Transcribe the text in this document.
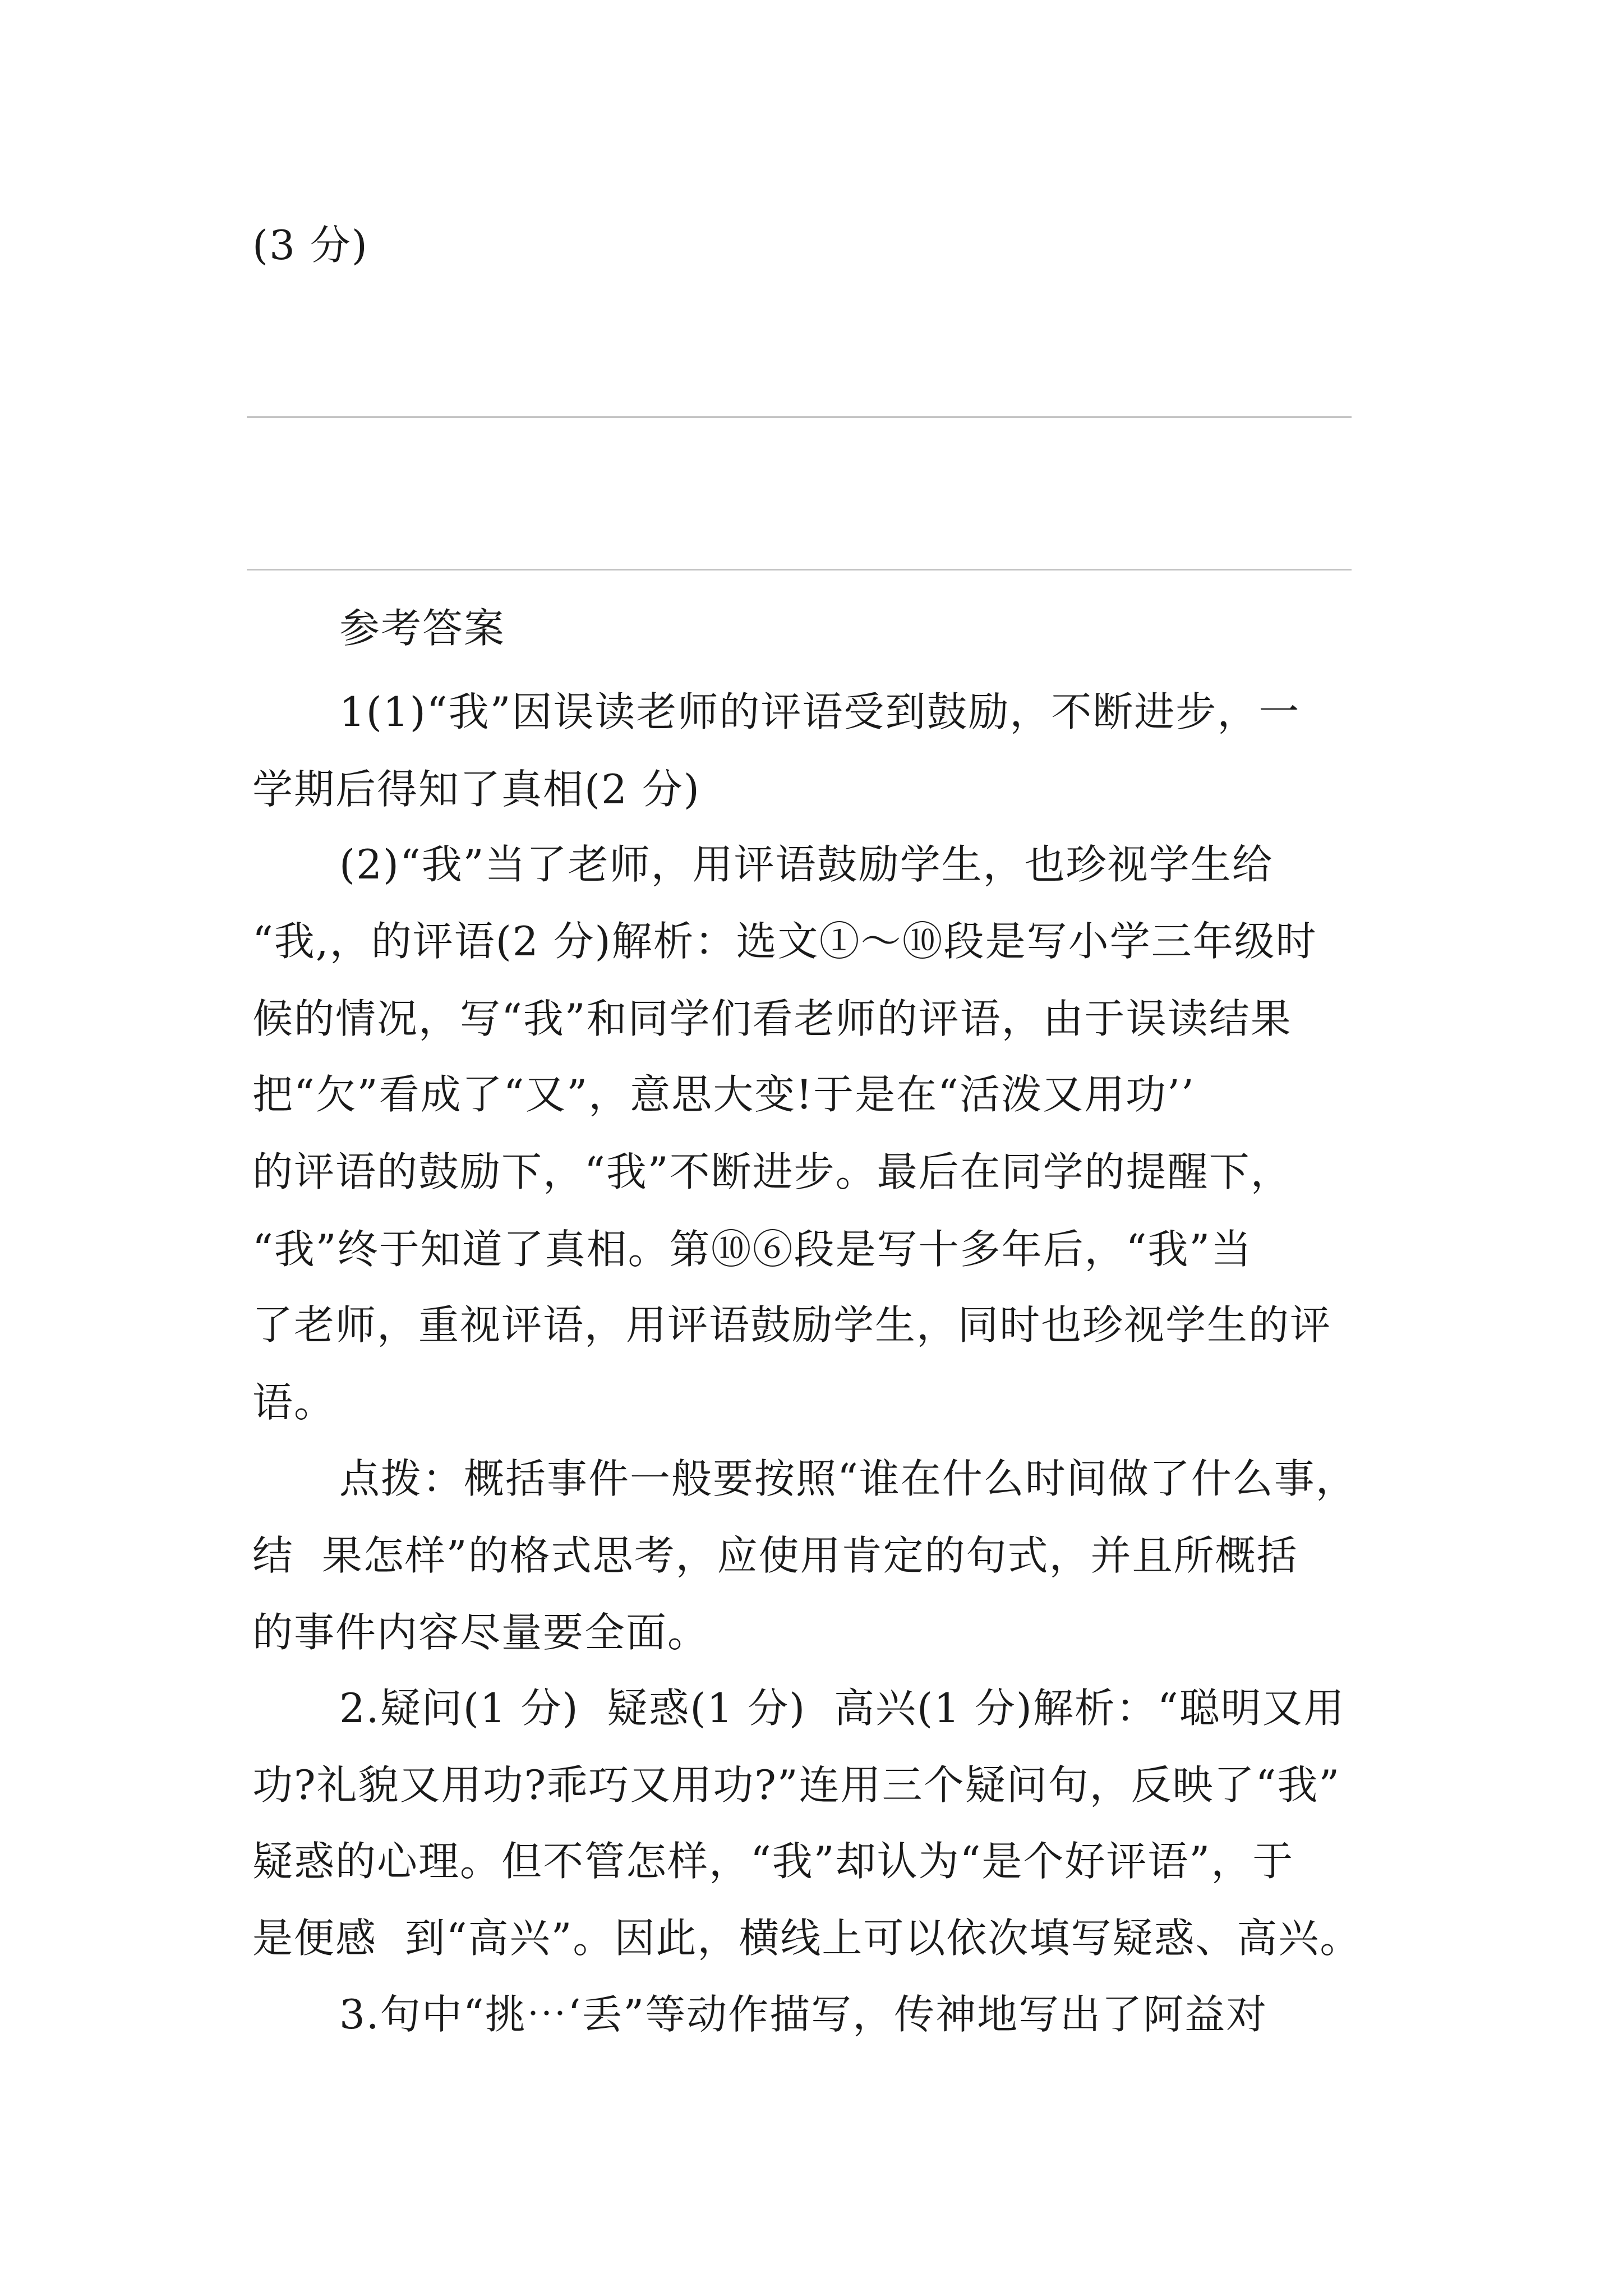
(3 分)
参考答案
1(1)“我”因误读老师的评语受到鼓励，不断进步，一
学期后得知了真相(2 分)
(2)“我”当了老师，用评语鼓励学生，也珍视学生给
“我,，的评语(2 分)解析：选文①～⑩段是写小学三年级时
候的情况，写“我”和同学们看老师的评语，由于误读结果
把“欠”看成了“又”，意思大变!于是在“活泼又用功’’
的评语的鼓励下，“我”不断进步。最后在同学的提醒下，
“我”终于知道了真相。第⑩⑥段是写十多年后，“我”当
了老师，重视评语，用评语鼓励学生，同时也珍视学生的评
语。
点拨：概括事件一般要按照“谁在什么时间做了什么事，
结  果怎样”的格式思考，应使用肯定的句式，并且所概括
的事件内容尽量要全面。
2.疑问(1 分)  疑惑(1 分)  高兴(1 分)解析：“聪明又用
功?礼貌又用功?乖巧又用功?”连用三个疑问句，反映了“我”
疑惑的心理。但不管怎样，“我”却认为“是个好评语”，于
是便感  到“高兴”。因此，横线上可以依次填写疑惑、高兴。
3.句中“挑⋯‘丢”等动作描写，传神地写出了阿益对
